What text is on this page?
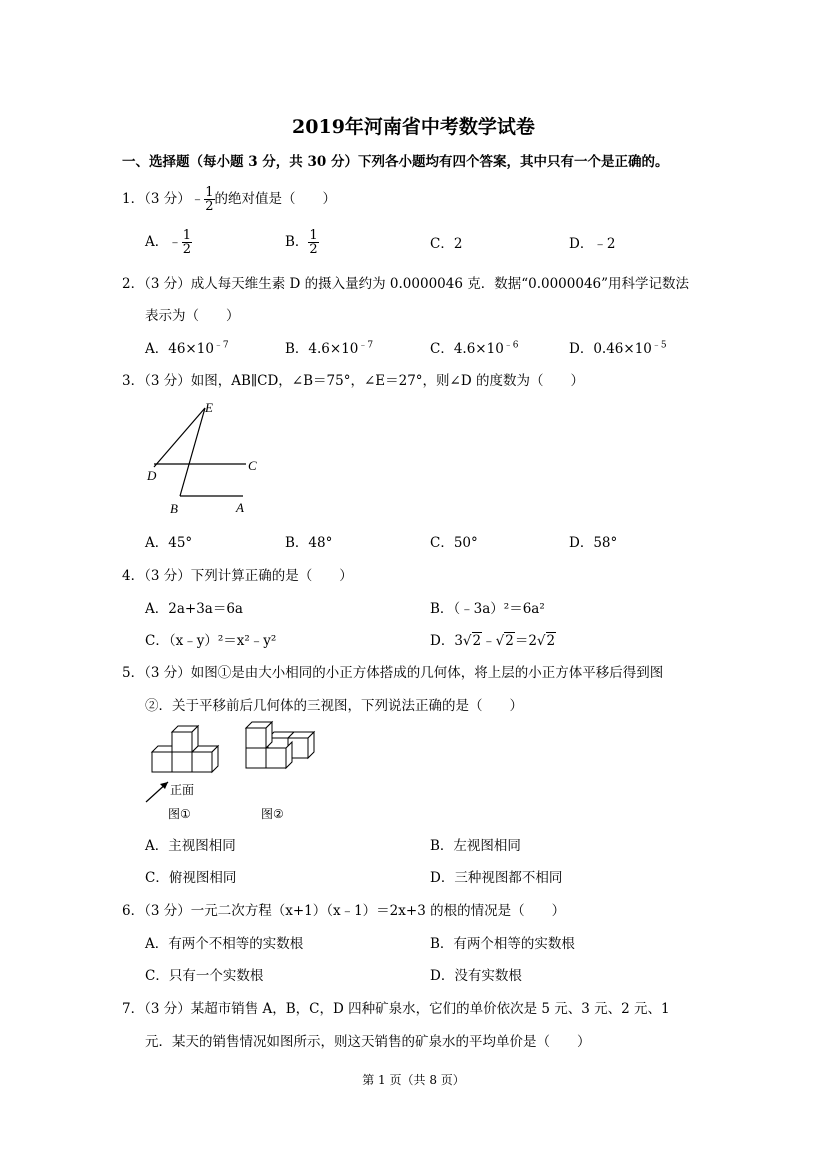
2019年河南省中考数学试卷
一、选择题（每小题 3 分，共 30 分）下列各小题均有四个答案，其中只有一个是正确的。
1．（3 分）﹣ $\frac{1}{2}$ 的绝对值是（　　）
A．﹣ $\frac{1}{2}$	B． $\frac{1}{2}$	C．2	D．﹣2
2．（3 分）成人每天维生素 D 的摄入量约为 0.0000046 克．数据“0.0000046”用科学记数法
表示为（　　）
A．$46\times 10^{﹣7}$	B．$4.6\times 10^{﹣7}$	C．$4.6\times 10^{﹣6}$	D．$0.46\times 10^{﹣5}$
3．（3 分）如图，AB∥CD，∠B＝75°，∠E＝27°，则∠D 的度数为（　　）
E
D
C
B	A
A．45°	B．48°	C．50°	D．58°
4．（3 分）下列计算正确的是（　　）
A．2a+3a＝6a	B．（﹣3a）²＝6a²
C．（x﹣y）²＝x²﹣y²	D．3√2﹣√2＝2√2
5．（3 分）如图①是由大小相同的小正方体搭成的几何体，将上层的小正方体平移后得到图
②．关于平移前后几何体的三视图，下列说法正确的是（　　）
正面
图①	图②
A．主视图相同	B．左视图相同
C．俯视图相同	D．三种视图都不相同
6．（3 分）一元二次方程（x+1）（x﹣1）＝2x+3 的根的情况是（　　）
A．有两个不相等的实数根	B．有两个相等的实数根
C．只有一个实数根	D．没有实数根
7．（3 分）某超市销售 A，B，C，D 四种矿泉水，它们的单价依次是 5 元、3 元、2 元、1
元．某天的销售情况如图所示，则这天销售的矿泉水的平均单价是（　　）
第 1 页（共 8 页）
